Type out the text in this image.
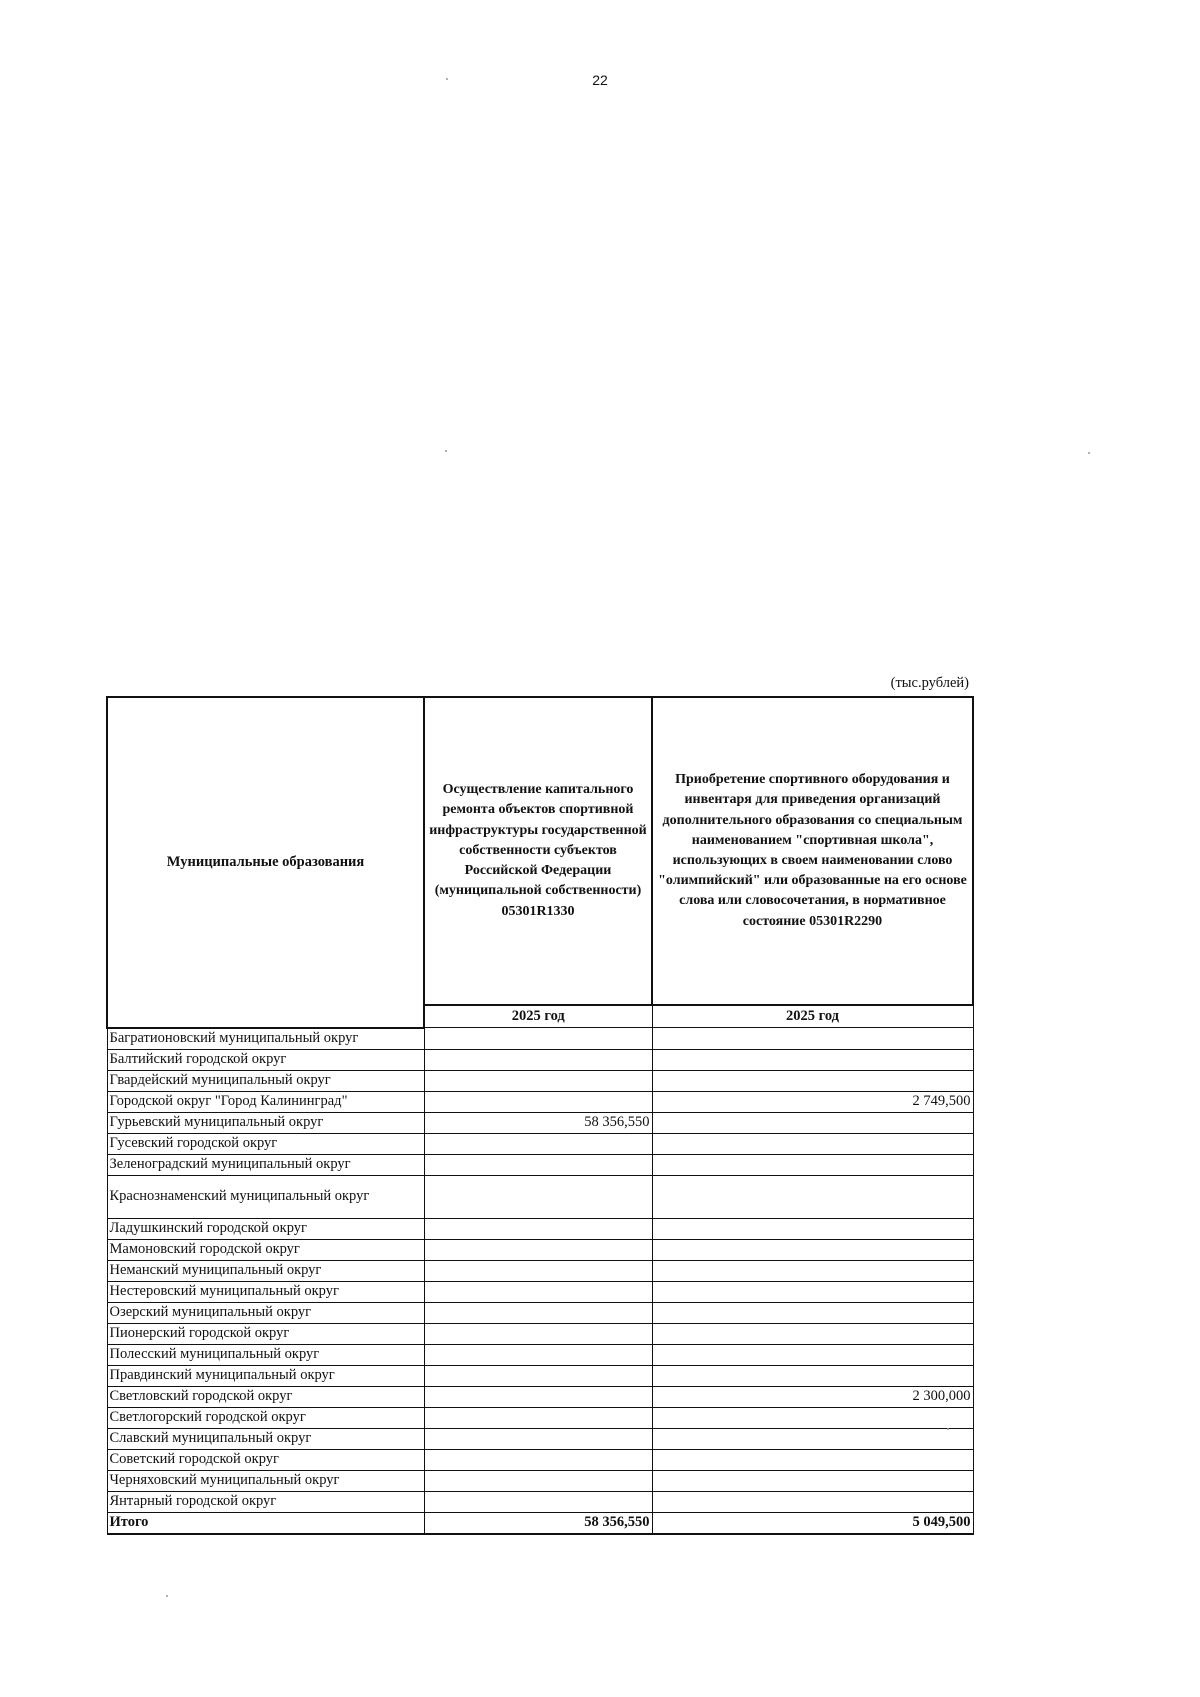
22
(тыс.рублей)
Муниципальные образования	Осуществление капитального ремонта объектов спортивной инфраструктуры государственной собственности субъектов Российской Федерации (муниципальной собственности) 05301R1330	Приобретение спортивного оборудования и инвентаря для приведения организаций дополнительного образования со специальным наименованием "спортивная школа", использующих в своем наименовании слово "олимпийский" или образованные на его основе слова или словосочетания, в нормативное состояние 05301R2290
	2025 год	2025 год
Багратионовский муниципальный округ		
Балтийский городской округ		
Гвардейский муниципальный округ		
Городской округ "Город Калининград"		2 749,500
Гурьевский муниципальный округ	58 356,550	
Гусевский городской округ		
Зеленоградский муниципальный округ		
Краснознаменский муниципальный округ		
Ладушкинский городской округ		
Мамоновский городской округ		
Неманский муниципальный округ		
Нестеровский муниципальный округ		
Озерский муниципальный округ		
Пионерский городской округ		
Полесский муниципальный округ		
Правдинский муниципальный округ		
Светловский городской округ		2 300,000
Светлогорский городской округ		
Славский муниципальный округ		
Советский городской округ		
Черняховский муниципальный округ		
Янтарный городской округ		
Итого	58 356,550	5 049,500
